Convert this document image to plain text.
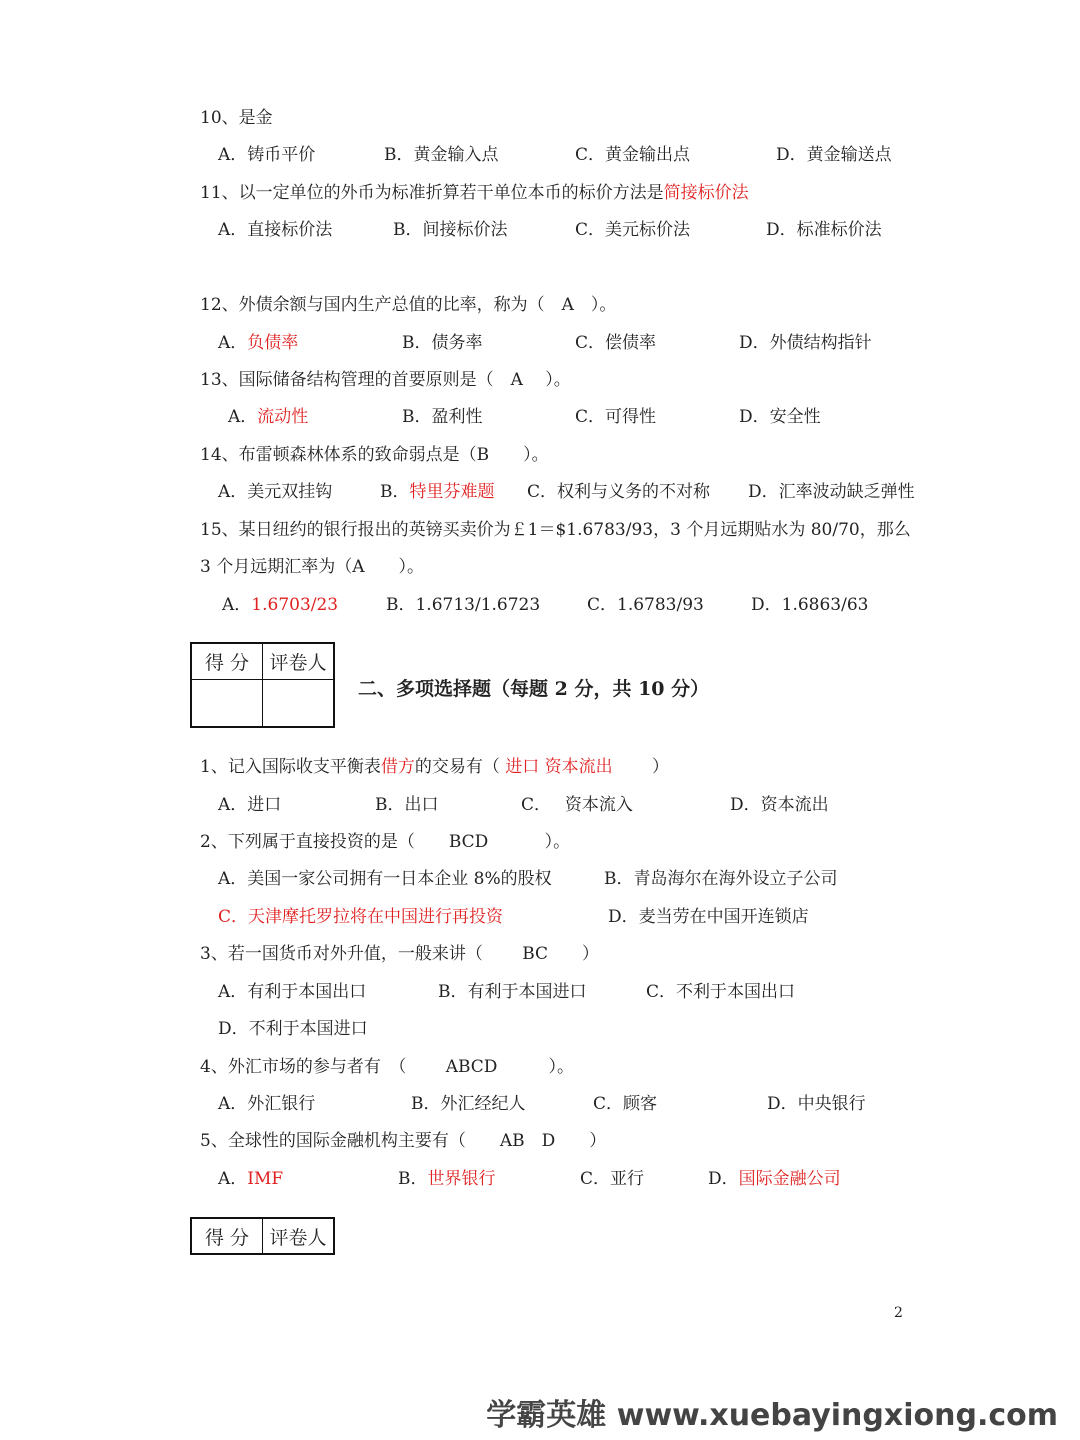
10、是金
A．铸币平价	B．黄金输入点	C．黄金输出点	D．黄金输送点
11、以一定单位的外币为标准折算若干单位本币的标价方法是简接标价法
A．直接标价法	B．间接标价法	C．美元标价法	D．标准标价法
12、外债余额与国内生产总值的比率，称为（　A　）。
A．负债率	B．债务率	C．偿债率	D．外债结构指针
13、国际储备结构管理的首要原则是（　A　 ）。
A．流动性	B．盈利性	C．可得性	D．安全性
14、布雷顿森林体系的致命弱点是（B　　）。
A．美元双挂钩	B．特里芬难题 C．权利与义务的不对称 D．汇率波动缺乏弹性
15、某日纽约的银行报出的英镑买卖价为￡1＝$1.6783/93，3 个月远期贴水为 80/70，那么
3 个月远期汇率为（A　　）。
A．1.6703/23	B．1.6713/1.6723	C．1.6783/93	D．1.6863/63
得 分	评卷人

二、多项选择题（每题 2 分，共 10 分）
1、记入国际收支平衡表借方的交易有（ 进口 资本流出　　 ）
A．进口	B．出口	C．　 资本流入	D．资本流出
2、下列属于直接投资的是（　　BCD　　　 ）。
A．美国一家公司拥有一日本企业 8%的股权	B．青岛海尔在海外设立子公司
C．天津摩托罗拉将在中国进行再投资	D．麦当劳在中国开连锁店
3、若一国货币对外升值，一般来讲（　　 BC　　）
A．有利于本国出口	B．有利于本国进口	C．不利于本国出口
D．不利于本国进口
4、外汇市场的参与者有　（　　 ABCD　　　）。
A．外汇银行	B．外汇经纪人	C．顾客	D．中央银行
5、全球性的国际金融机构主要有（　　AB　D　　）
A．IMF	B．世界银行	C．亚行	D．国际金融公司
得 分	评卷人
2
学霸英雄 www.xuebayingxiong.com
